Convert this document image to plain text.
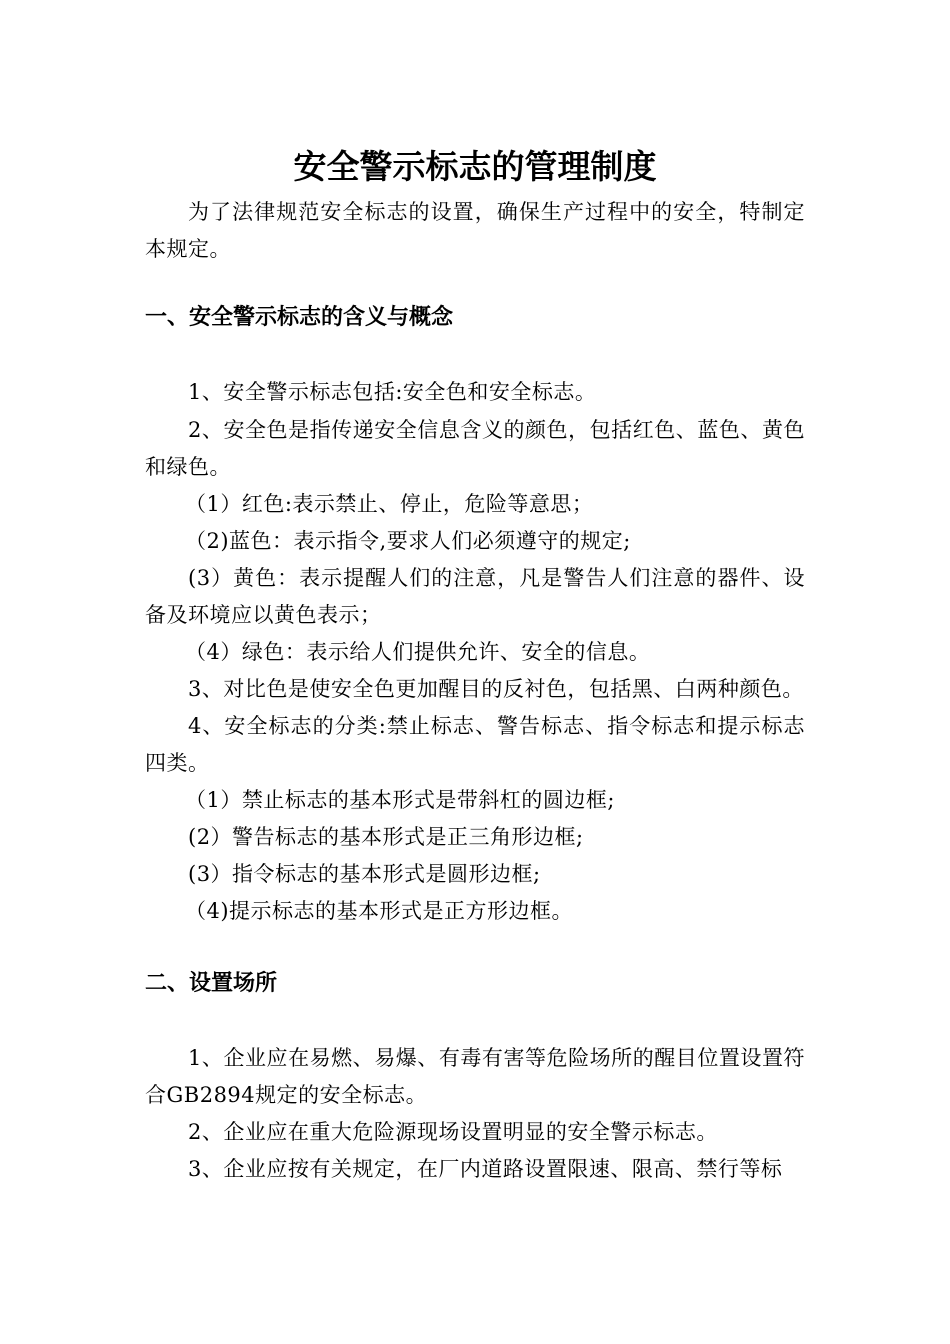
安全警示标志的管理制度

为了法律规范安全标志的设置，确保生产过程中的安全，特制定本规定。

一、安全警示标志的含义与概念

1、安全警示标志包括:安全色和安全标志。

2、安全色是指传递安全信息含义的颜色，包括红色、蓝色、黄色和绿色。

（1）红色:表示禁止、停止，危险等意思；

（2)蓝色：表示指令,要求人们必须遵守的规定;

(3）黄色：表示提醒人们的注意，凡是警告人们注意的器件、设备及环境应以黄色表示；

（4）绿色：表示给人们提供允许、安全的信息。

3、对比色是使安全色更加醒目的反衬色，包括黑、白两种颜色。

4、安全标志的分类:禁止标志、警告标志、指令标志和提示标志四类。

（1）禁止标志的基本形式是带斜杠的圆边框;

(2）警告标志的基本形式是正三角形边框;

(3）指令标志的基本形式是圆形边框;

（4)提示标志的基本形式是正方形边框。

二、设置场所

1、企业应在易燃、易爆、有毒有害等危险场所的醒目位置设置符合GB2894规定的安全标志。

2、企业应在重大危险源现场设置明显的安全警示标志。

3、企业应按有关规定，在厂内道路设置限速、限高、禁行等标
